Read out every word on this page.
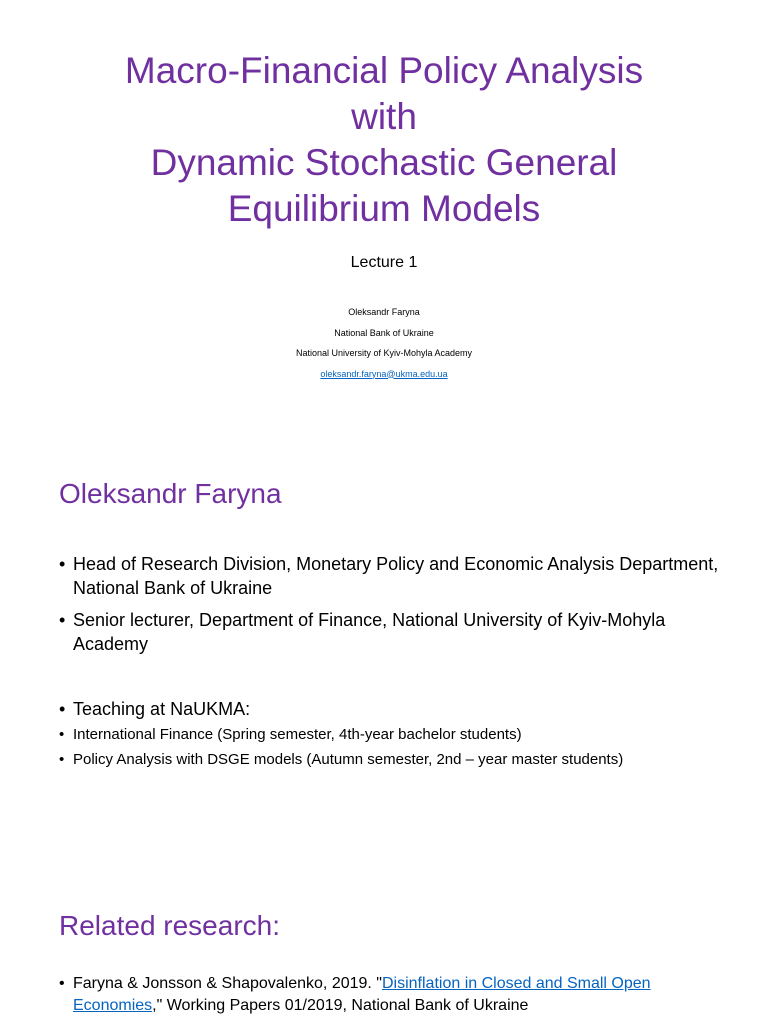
Macro-Financial Policy Analysis
with
Dynamic Stochastic General
Equilibrium Models
Lecture 1
Oleksandr Faryna
National Bank of Ukraine
National University of Kyiv-Mohyla Academy
oleksandr.faryna@ukma.edu.ua
Oleksandr Faryna
• Head of Research Division, Monetary Policy and Economic Analysis Department, National Bank of Ukraine
• Senior lecturer, Department of Finance, National University of Kyiv-Mohyla Academy
• Teaching at NaUKMA:
• International Finance (Spring semester, 4th-year bachelor students)
• Policy Analysis with DSGE models (Autumn semester, 2nd – year master students)
Related research:
• Faryna & Jonsson & Shapovalenko, 2019. "Disinflation in Closed and Small Open Economies," Working Papers 01/2019, National Bank of Ukraine
